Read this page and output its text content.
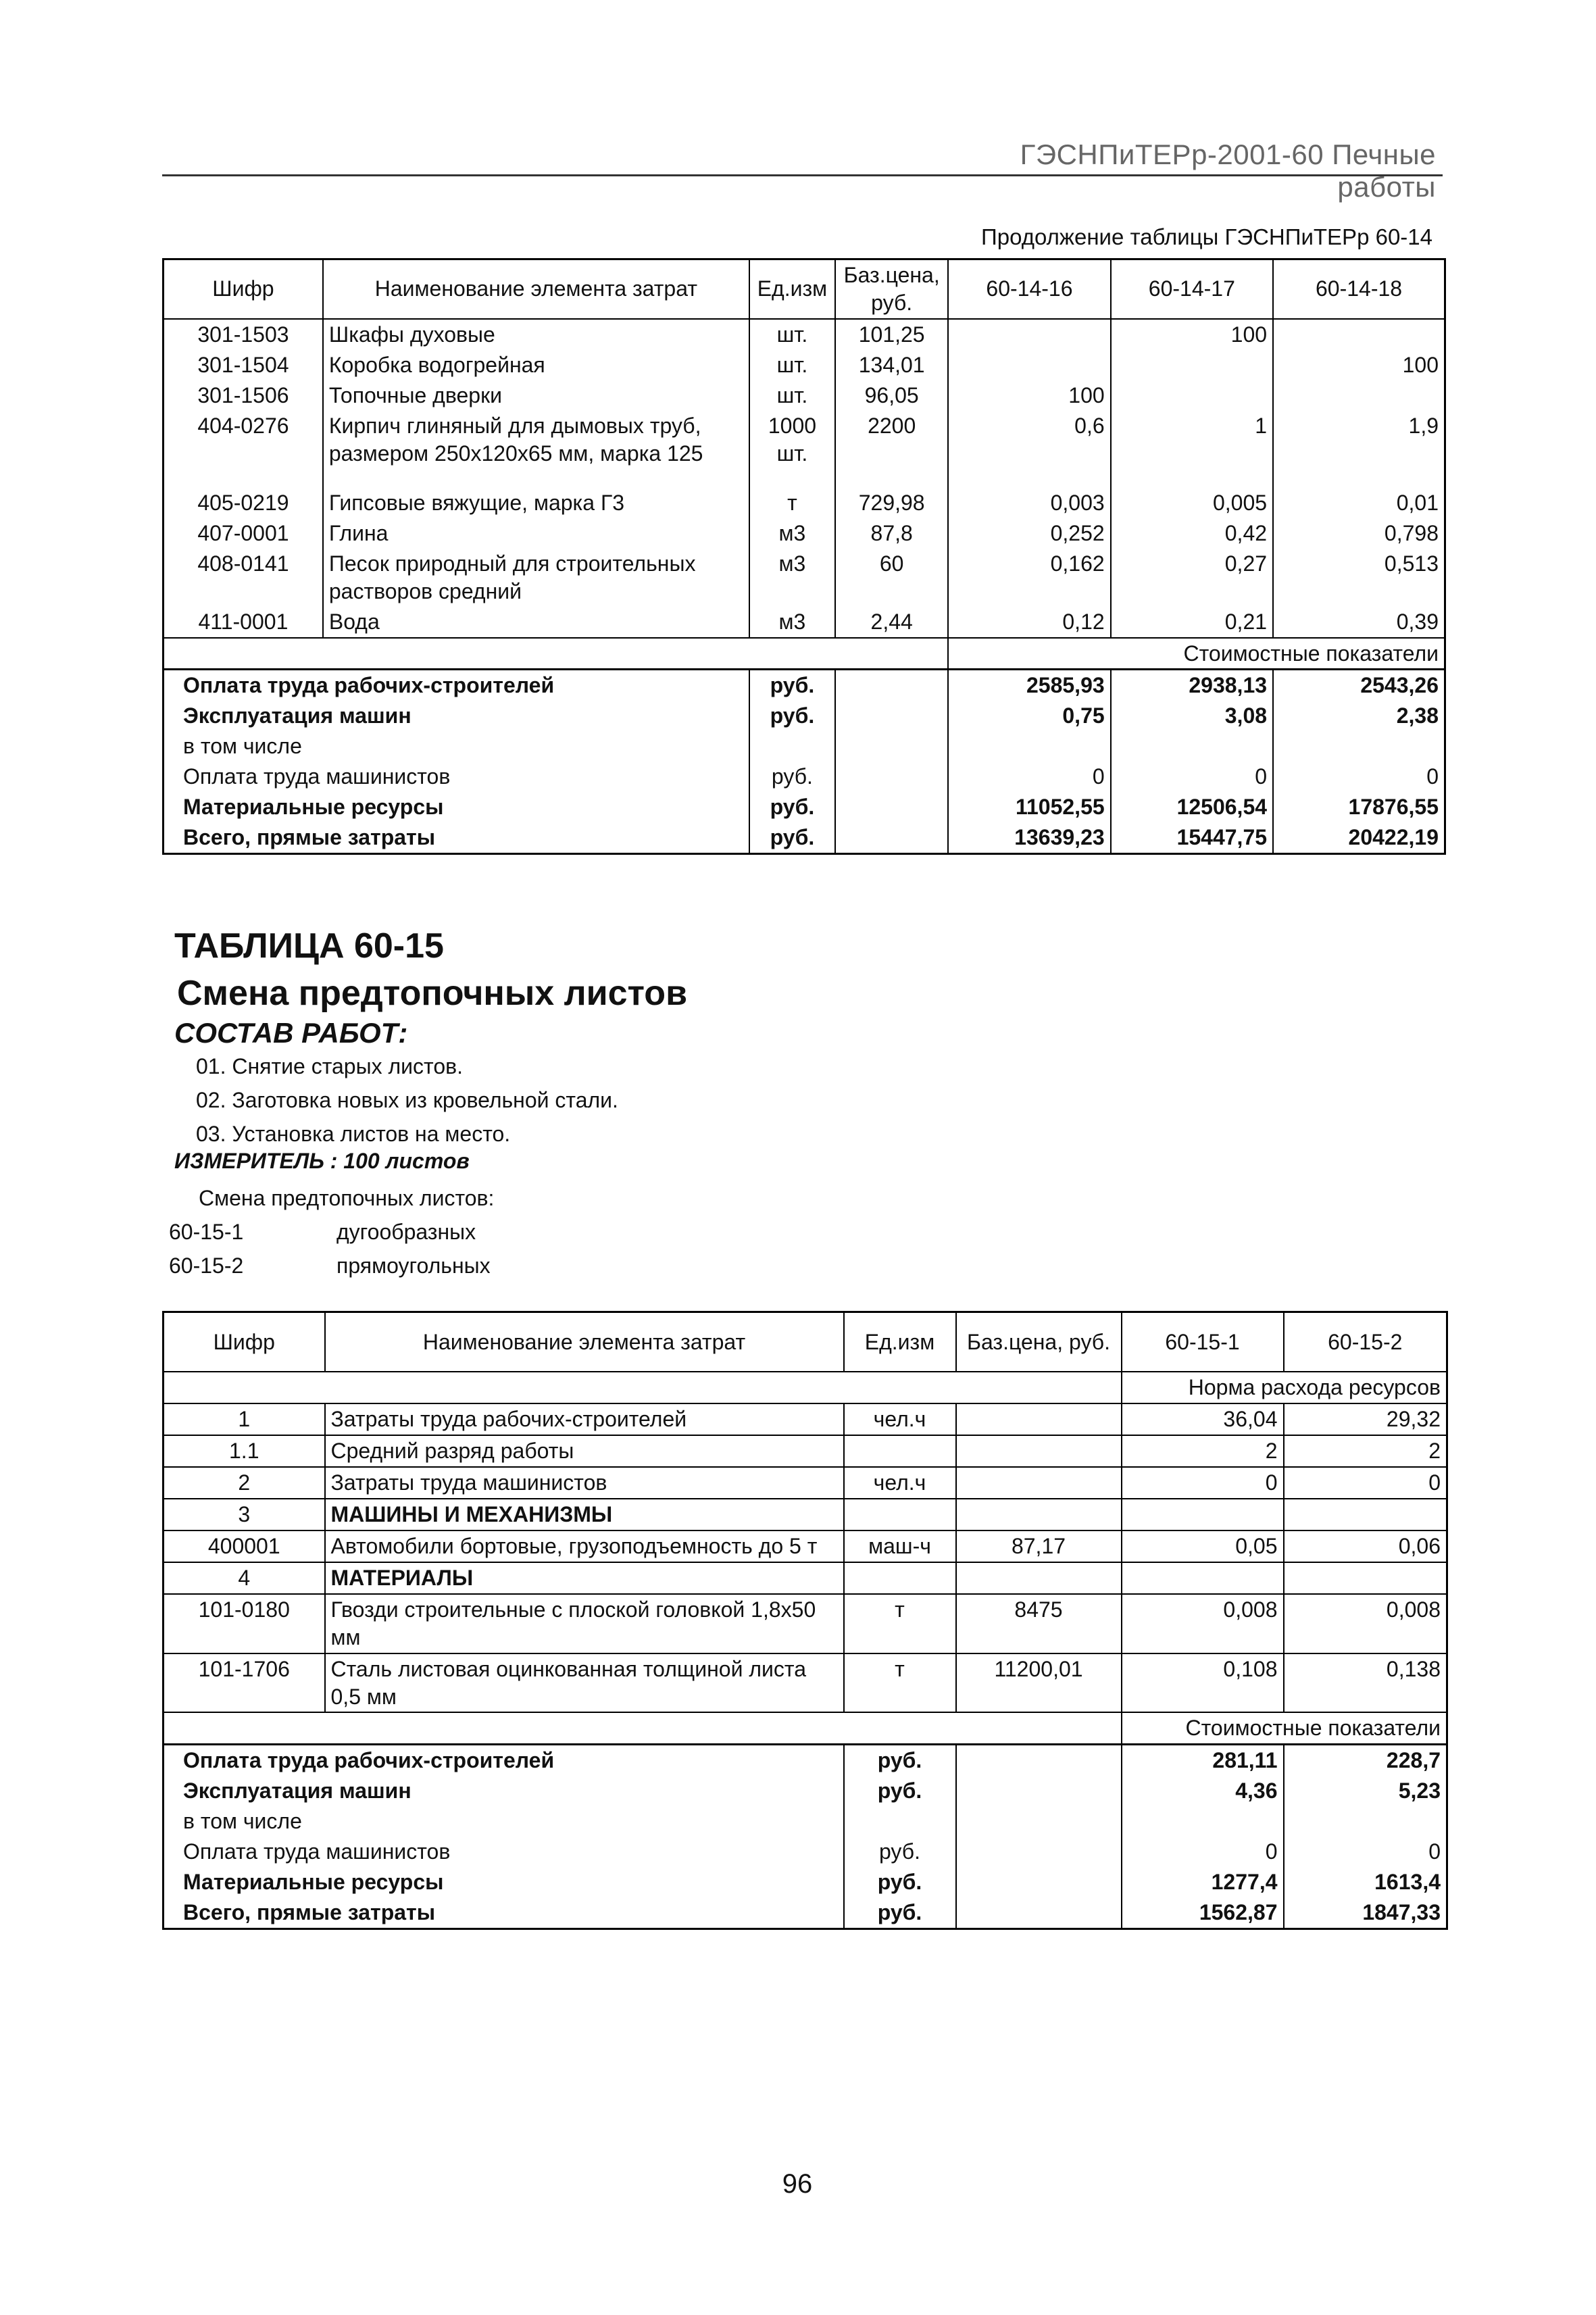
ГЭСНПиТЕРр-2001-60 Печные работы
Продолжение таблицы ГЭСНПиТЕРр 60-14
Шифр	Наименование элемента затрат	Ед.изм	Баз.цена, руб.	60-14-16	60-14-17	60-14-18
301-1503	Шкафы духовые	шт.	101,25		100	
301-1504	Коробка водогрейная	шт.	134,01			100
301-1506	Топочные дверки	шт.	96,05	100		
404-0276	Кирпич глиняный для дымовых труб, размером 250х120х65 мм, марка 125	1000 шт.	2200	0,6	1	1,9
405-0219	Гипсовые вяжущие, марка Г3	т	729,98	0,003	0,005	0,01
407-0001	Глина	м3	87,8	0,252	0,42	0,798
408-0141	Песок природный для строительных растворов средний	м3	60	0,162	0,27	0,513
411-0001	Вода	м3	2,44	0,12	0,21	0,39
				Стоимостные показатели		
Оплата труда рабочих-строителей		руб.		2585,93	2938,13	2543,26
Эксплуатация машин		руб.		0,75	3,08	2,38
в том числе						
Оплата труда машинистов		руб.		0	0	0
Материальные ресурсы		руб.		11052,55	12506,54	17876,55
Всего, прямые затраты		руб.		13639,23	15447,75	20422,19
ТАБЛИЦА 60-15
Смена предтопочных листов
СОСТАВ РАБОТ:
01. Снятие старых листов.
02. Заготовка новых из кровельной стали.
03. Установка листов на место.
ИЗМЕРИТЕЛЬ : 100 листов
Смена предтопочных листов:
60-15-1	дугообразных
60-15-2	прямоугольных
Шифр	Наименование элемента затрат	Ед.изм	Баз.цена, руб.	60-15-1	60-15-2
				Норма расхода ресурсов	
1	Затраты труда рабочих-строителей	чел.ч		36,04	29,32
1.1	Средний разряд работы			2	2
2	Затраты труда машинистов	чел.ч		0	0
3	МАШИНЫ И МЕХАНИЗМЫ				
400001	Автомобили бортовые, грузоподъемность до 5 т	маш-ч	87,17	0,05	0,06
4	МАТЕРИАЛЫ				
101-0180	Гвозди строительные с плоской головкой 1,8х50 мм	т	8475	0,008	0,008
101-1706	Сталь листовая оцинкованная толщиной листа 0,5 мм	т	11200,01	0,108	0,138
				Стоимостные показатели	
Оплата труда рабочих-строителей		руб.		281,11	228,7
Эксплуатация машин		руб.		4,36	5,23
в том числе					
Оплата труда машинистов		руб.		0	0
Материальные ресурсы		руб.		1277,4	1613,4
Всего, прямые затраты		руб.		1562,87	1847,33
96
